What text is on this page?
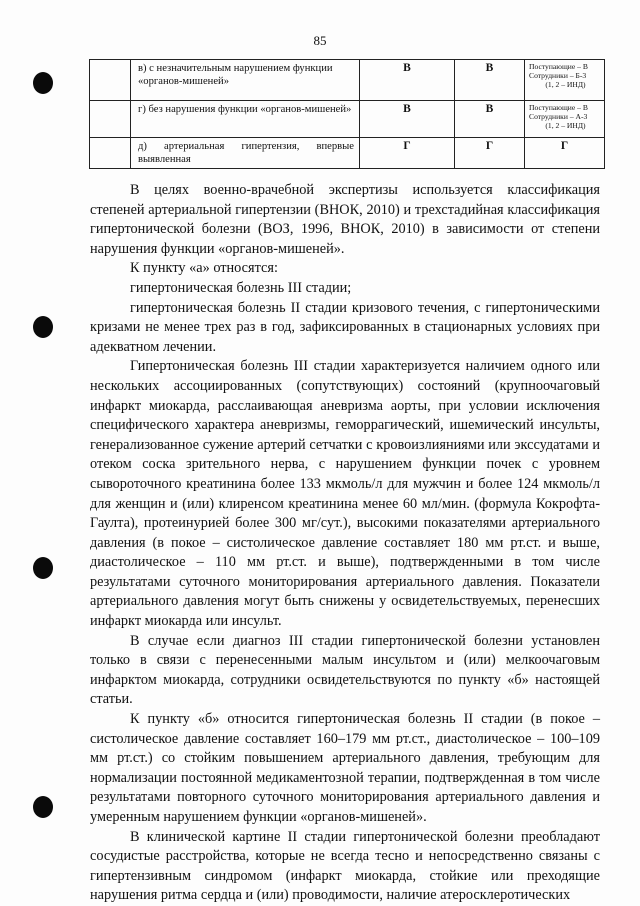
85
	в) с незначительным нарушением функции «органов-мишеней»	В	В	Поступающие – В
Сотрудники – Б-3
(1, 2 – ИНД)

	г) без нарушения функции «органов-мишеней»	В	В	Поступающие – В
Сотрудники – А-3
(1, 2 – ИНД)

	д) артериальная гипертензия, впервые выявленная	Г	Г	Г

В целях военно-врачебной экспертизы используется классификация степеней артериальной гипертензии (ВНОК, 2010) и трехстадийная классификация гипертонической болезни (ВОЗ, 1996, ВНОК, 2010) в зависимости от степени нарушения функции «органов-мишеней».

К пункту «а» относятся:

гипертоническая болезнь III стадии;

гипертоническая болезнь II стадии кризового течения, с гипертоническими кризами не менее трех раз в год, зафиксированных в стационарных условиях при адекватном лечении.

Гипертоническая болезнь III стадии характеризуется наличием одного или нескольких ассоциированных (сопутствующих) состояний (крупноочаговый инфаркт миокарда, расслаивающая аневризма аорты, при условии исключения специфического характера аневризмы, геморрагический, ишемический инсульты, генерализованное сужение артерий сетчатки с кровоизлияниями или экссудатами и отеком соска зрительного нерва, с нарушением функции почек с уровнем сывороточного креатинина более 133 мкмоль/л для мужчин и более 124 мкмоль/л для женщин и (или) клиренсом креатинина менее 60 мл/мин. (формула Кокрофта-Гаулта), протеинурией более 300 мг/сут.), высокими показателями артериального давления (в покое – систолическое давление составляет 180 мм рт.ст. и выше, диастолическое – 110 мм рт.ст. и выше), подтвержденными в том числе результатами суточного мониторирования артериального давления. Показатели артериального давления могут быть снижены у освидетельствуемых, перенесших инфаркт миокарда или инсульт.

В случае если диагноз III стадии гипертонической болезни установлен только в связи с перенесенными малым инсультом и (или) мелкоочаговым инфарктом миокарда, сотрудники освидетельствуются по пункту «б» настоящей статьи.

К пункту «б» относится гипертоническая болезнь II стадии (в покое – систолическое давление составляет 160–179 мм рт.ст., диастолическое – 100–109 мм рт.ст.) со стойким повышением артериального давления, требующим для нормализации постоянной медикаментозной терапии, подтвержденная в том числе результатами повторного суточного мониторирования артериального давления и умеренным нарушением функции «органов-мишеней».

В клинической картине II стадии гипертонической болезни преобладают сосудистые расстройства, которые не всегда тесно и непосредственно связаны с гипертензивным синдромом (инфаркт миокарда, стойкие или преходящие нарушения ритма сердца и (или) проводимости, наличие атеросклеротических
